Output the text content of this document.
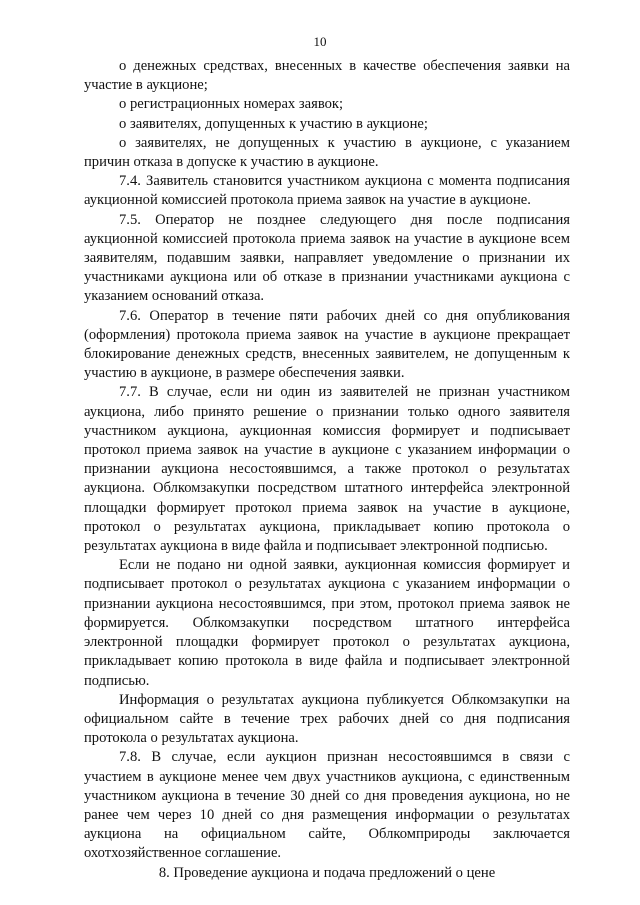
10

о денежных средствах, внесенных в качестве обеспечения заявки на участие в аукционе;

о регистрационных номерах заявок;

о заявителях, допущенных к участию в аукционе;

о заявителях, не допущенных к участию в аукционе, с указанием причин отказа в допуске к участию в аукционе.

7.4. Заявитель становится участником аукциона с момента подписания аукционной комиссией протокола приема заявок на участие в аукционе.

7.5. Оператор не позднее следующего дня после подписания аукционной комиссией протокола приема заявок на участие в аукционе всем заявителям, подавшим заявки, направляет уведомление о признании их участниками аукциона или об отказе в признании участниками аукциона с указанием оснований отказа.

7.6. Оператор в течение пяти рабочих дней со дня опубликования (оформления) протокола приема заявок на участие в аукционе прекращает блокирование денежных средств, внесенных заявителем, не допущенным к участию в аукционе, в размере обеспечения заявки.

7.7. В случае, если ни один из заявителей не признан участником аукциона, либо принято решение о признании только одного заявителя участником аукциона, аукционная комиссия формирует и подписывает протокол приема заявок на участие в аукционе с указанием информации о признании аукциона несостоявшимся, а также протокол о результатах аукциона. Облкомзакупки посредством штатного интерфейса электронной площадки формирует протокол приема заявок на участие в аукционе, протокол о результатах аукциона, прикладывает копию протокола о результатах аукциона в виде файла и подписывает электронной подписью.

Если не подано ни одной заявки, аукционная комиссия формирует и подписывает протокол о результатах аукциона с указанием информации о признании аукциона несостоявшимся, при этом, протокол приема заявок не формируется. Облкомзакупки посредством штатного интерфейса электронной площадки формирует протокол о результатах аукциона, прикладывает копию протокола в виде файла и подписывает электронной подписью.

Информация о результатах аукциона публикуется Облкомзакупки на официальном сайте в течение трех рабочих дней со дня подписания протокола о результатах аукциона.

7.8. В случае, если аукцион признан несостоявшимся в связи с участием в аукционе менее чем двух участников аукциона, с единственным участником аукциона в течение 30 дней со дня проведения аукциона, но не ранее чем через 10 дней со дня размещения информации о результатах аукциона на официальном сайте, Облкомприроды заключается охотхозяйственное соглашение.

8. Проведение аукциона и подача предложений о цене
